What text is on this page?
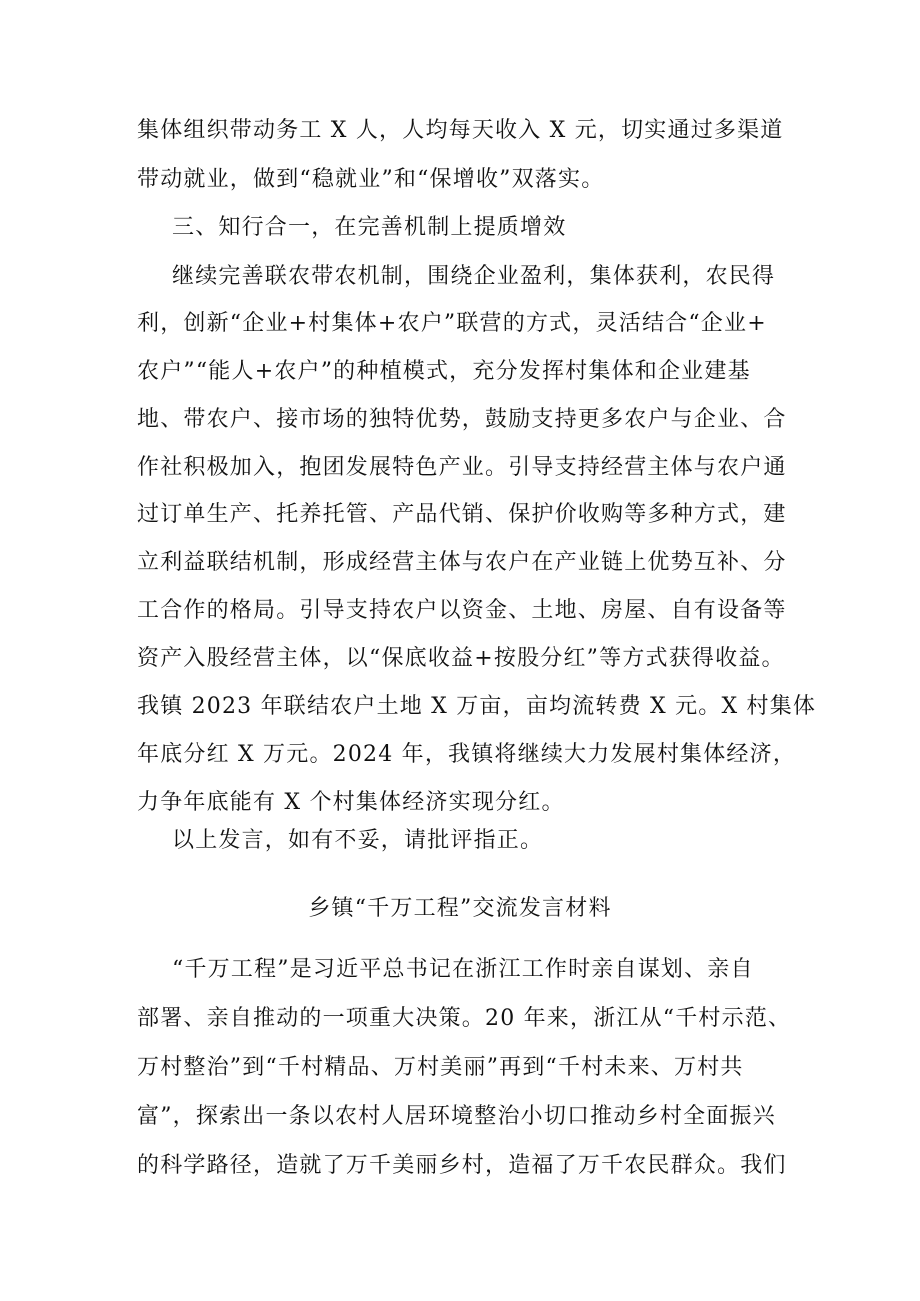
集体组织带动务工 X 人，人均每天收入 X 元，切实通过多渠道
带动就业，做到“稳就业”和“保增收”双落实。
三、知行合一，在完善机制上提质增效
继续完善联农带农机制，围绕企业盈利，集体获利，农民得
利，创新“企业+村集体+农户”联营的方式，灵活结合“企业+
农户”“能人+农户”的种植模式，充分发挥村集体和企业建基
地、带农户、接市场的独特优势，鼓励支持更多农户与企业、合
作社积极加入，抱团发展特色产业。引导支持经营主体与农户通
过订单生产、托养托管、产品代销、保护价收购等多种方式，建
立利益联结机制，形成经营主体与农户在产业链上优势互补、分
工合作的格局。引导支持农户以资金、土地、房屋、自有设备等
资产入股经营主体，以“保底收益+按股分红”等方式获得收益。
我镇 2023 年联结农户土地 X 万亩，亩均流转费 X 元。X 村集体
年底分红 X 万元。2024 年，我镇将继续大力发展村集体经济，
力争年底能有 X 个村集体经济实现分红。
以上发言，如有不妥，请批评指正。
乡镇“千万工程”交流发言材料
“千万工程”是习近平总书记在浙江工作时亲自谋划、亲自
部署、亲自推动的一项重大决策。20 年来，浙江从“千村示范、
万村整治”到“千村精品、万村美丽”再到“千村未来、万村共
富”，探索出一条以农村人居环境整治小切口推动乡村全面振兴
的科学路径，造就了万千美丽乡村，造福了万千农民群众。我们
